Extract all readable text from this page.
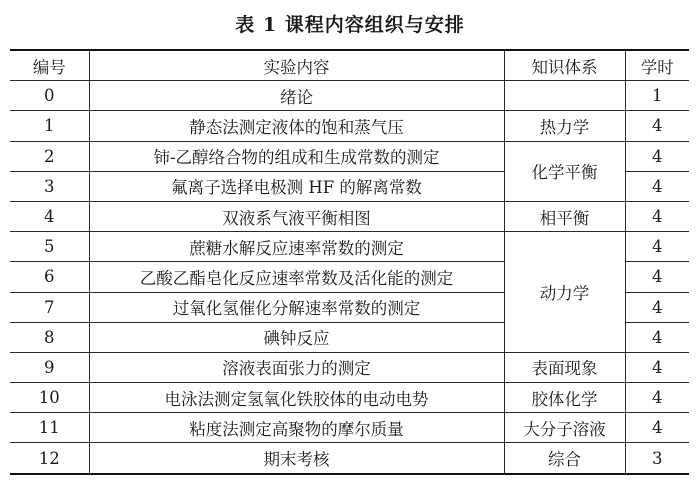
表 1 课程内容组织与安排
编号	实验内容	知识体系	学时
0	绪论		1
1	静态法测定液体的饱和蒸气压	热力学	4
2	铈-乙醇络合物的组成和生成常数的测定	化学平衡	4
3	氟离子选择电极测 HF 的解离常数		4
4	双液系气液平衡相图	相平衡	4
5	蔗糖水解反应速率常数的测定	动力学	4
6	乙酸乙酯皂化反应速率常数及活化能的测定		4
7	过氧化氢催化分解速率常数的测定		4
8	碘钟反应		4
9	溶液表面张力的测定	表面现象	4
10	电泳法测定氢氧化铁胶体的电动电势	胶体化学	4
11	粘度法测定高聚物的摩尔质量	大分子溶液	4
12	期末考核	综合	3
